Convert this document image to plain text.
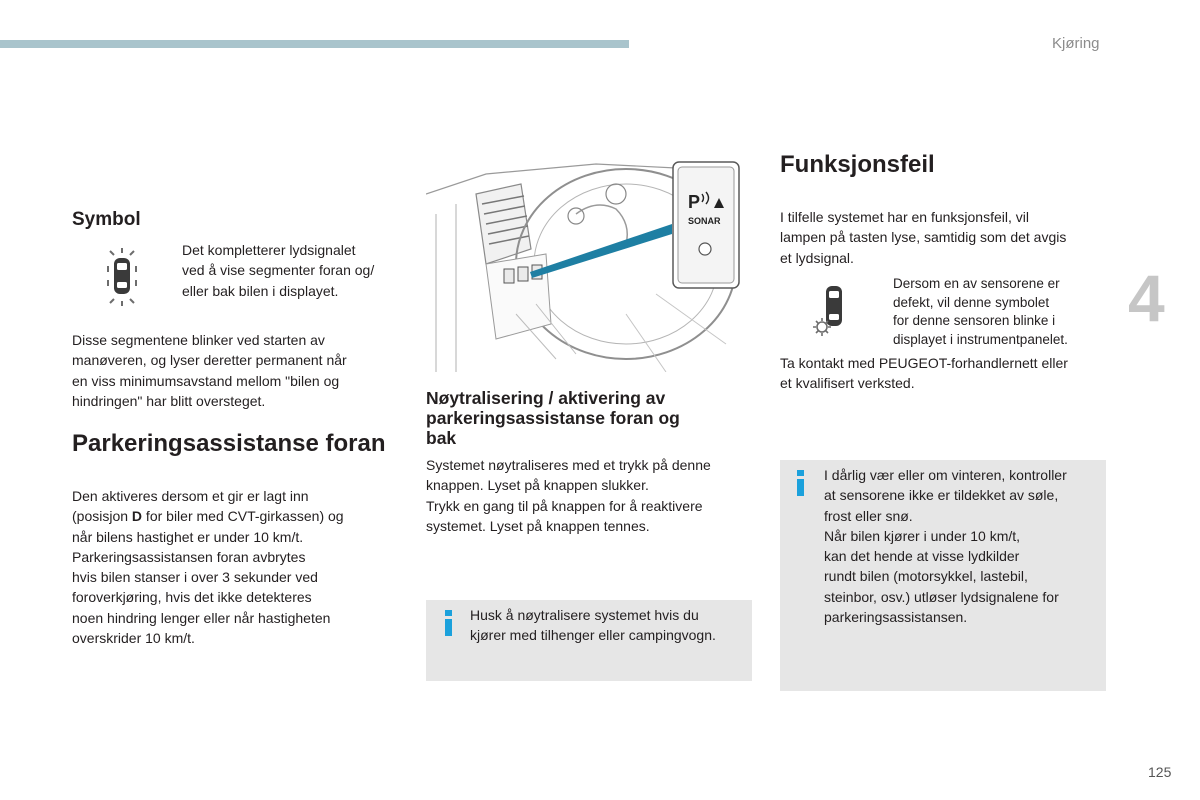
Kjøring
4
125
Symbol
Det kompletterer lydsignalet
ved å vise segmenter foran og/
eller bak bilen i displayet.
Disse segmentene blinker ved starten av
manøveren, og lyser deretter permanent når
en viss minimumsavstand mellom "bilen og
hindringen" har blitt oversteget.
Parkeringsassistanse foran
Den aktiveres dersom et gir er lagt inn
(posisjon D for biler med CVT-girkassen) og
når bilens hastighet er under 10 km/t.
Parkeringsassistansen foran avbrytes
hvis bilen stanser i over 3 sekunder ved
foroverkjøring, hvis det ikke detekteres
noen hindring lenger eller når hastigheten
overskrider 10 km/t.
P
SONAR
Nøytralisering / aktivering av
parkeringsassistanse foran og
bak
Systemet nøytraliseres med et trykk på denne
knappen. Lyset på knappen slukker.
Trykk en gang til på knappen for å reaktivere
systemet. Lyset på knappen tennes.
Husk å nøytralisere systemet hvis du
kjører med tilhenger eller campingvogn.
Funksjonsfeil
I tilfelle systemet har en funksjonsfeil, vil
lampen på tasten lyse, samtidig som det avgis
et lydsignal.
Dersom en av sensorene er
defekt, vil denne symbolet
for denne sensoren blinke i
displayet i instrumentpanelet.
Ta kontakt med PEUGEOT-forhandlernett eller
et kvalifisert verksted.
I dårlig vær eller om vinteren, kontroller
at sensorene ikke er tildekket av søle,
frost eller snø.
Når bilen kjører i under 10 km/t,
kan det hende at visse lydkilder
rundt bilen (motorsykkel, lastebil,
steinbor, osv.) utløser lydsignalene for
parkeringsassistansen.
